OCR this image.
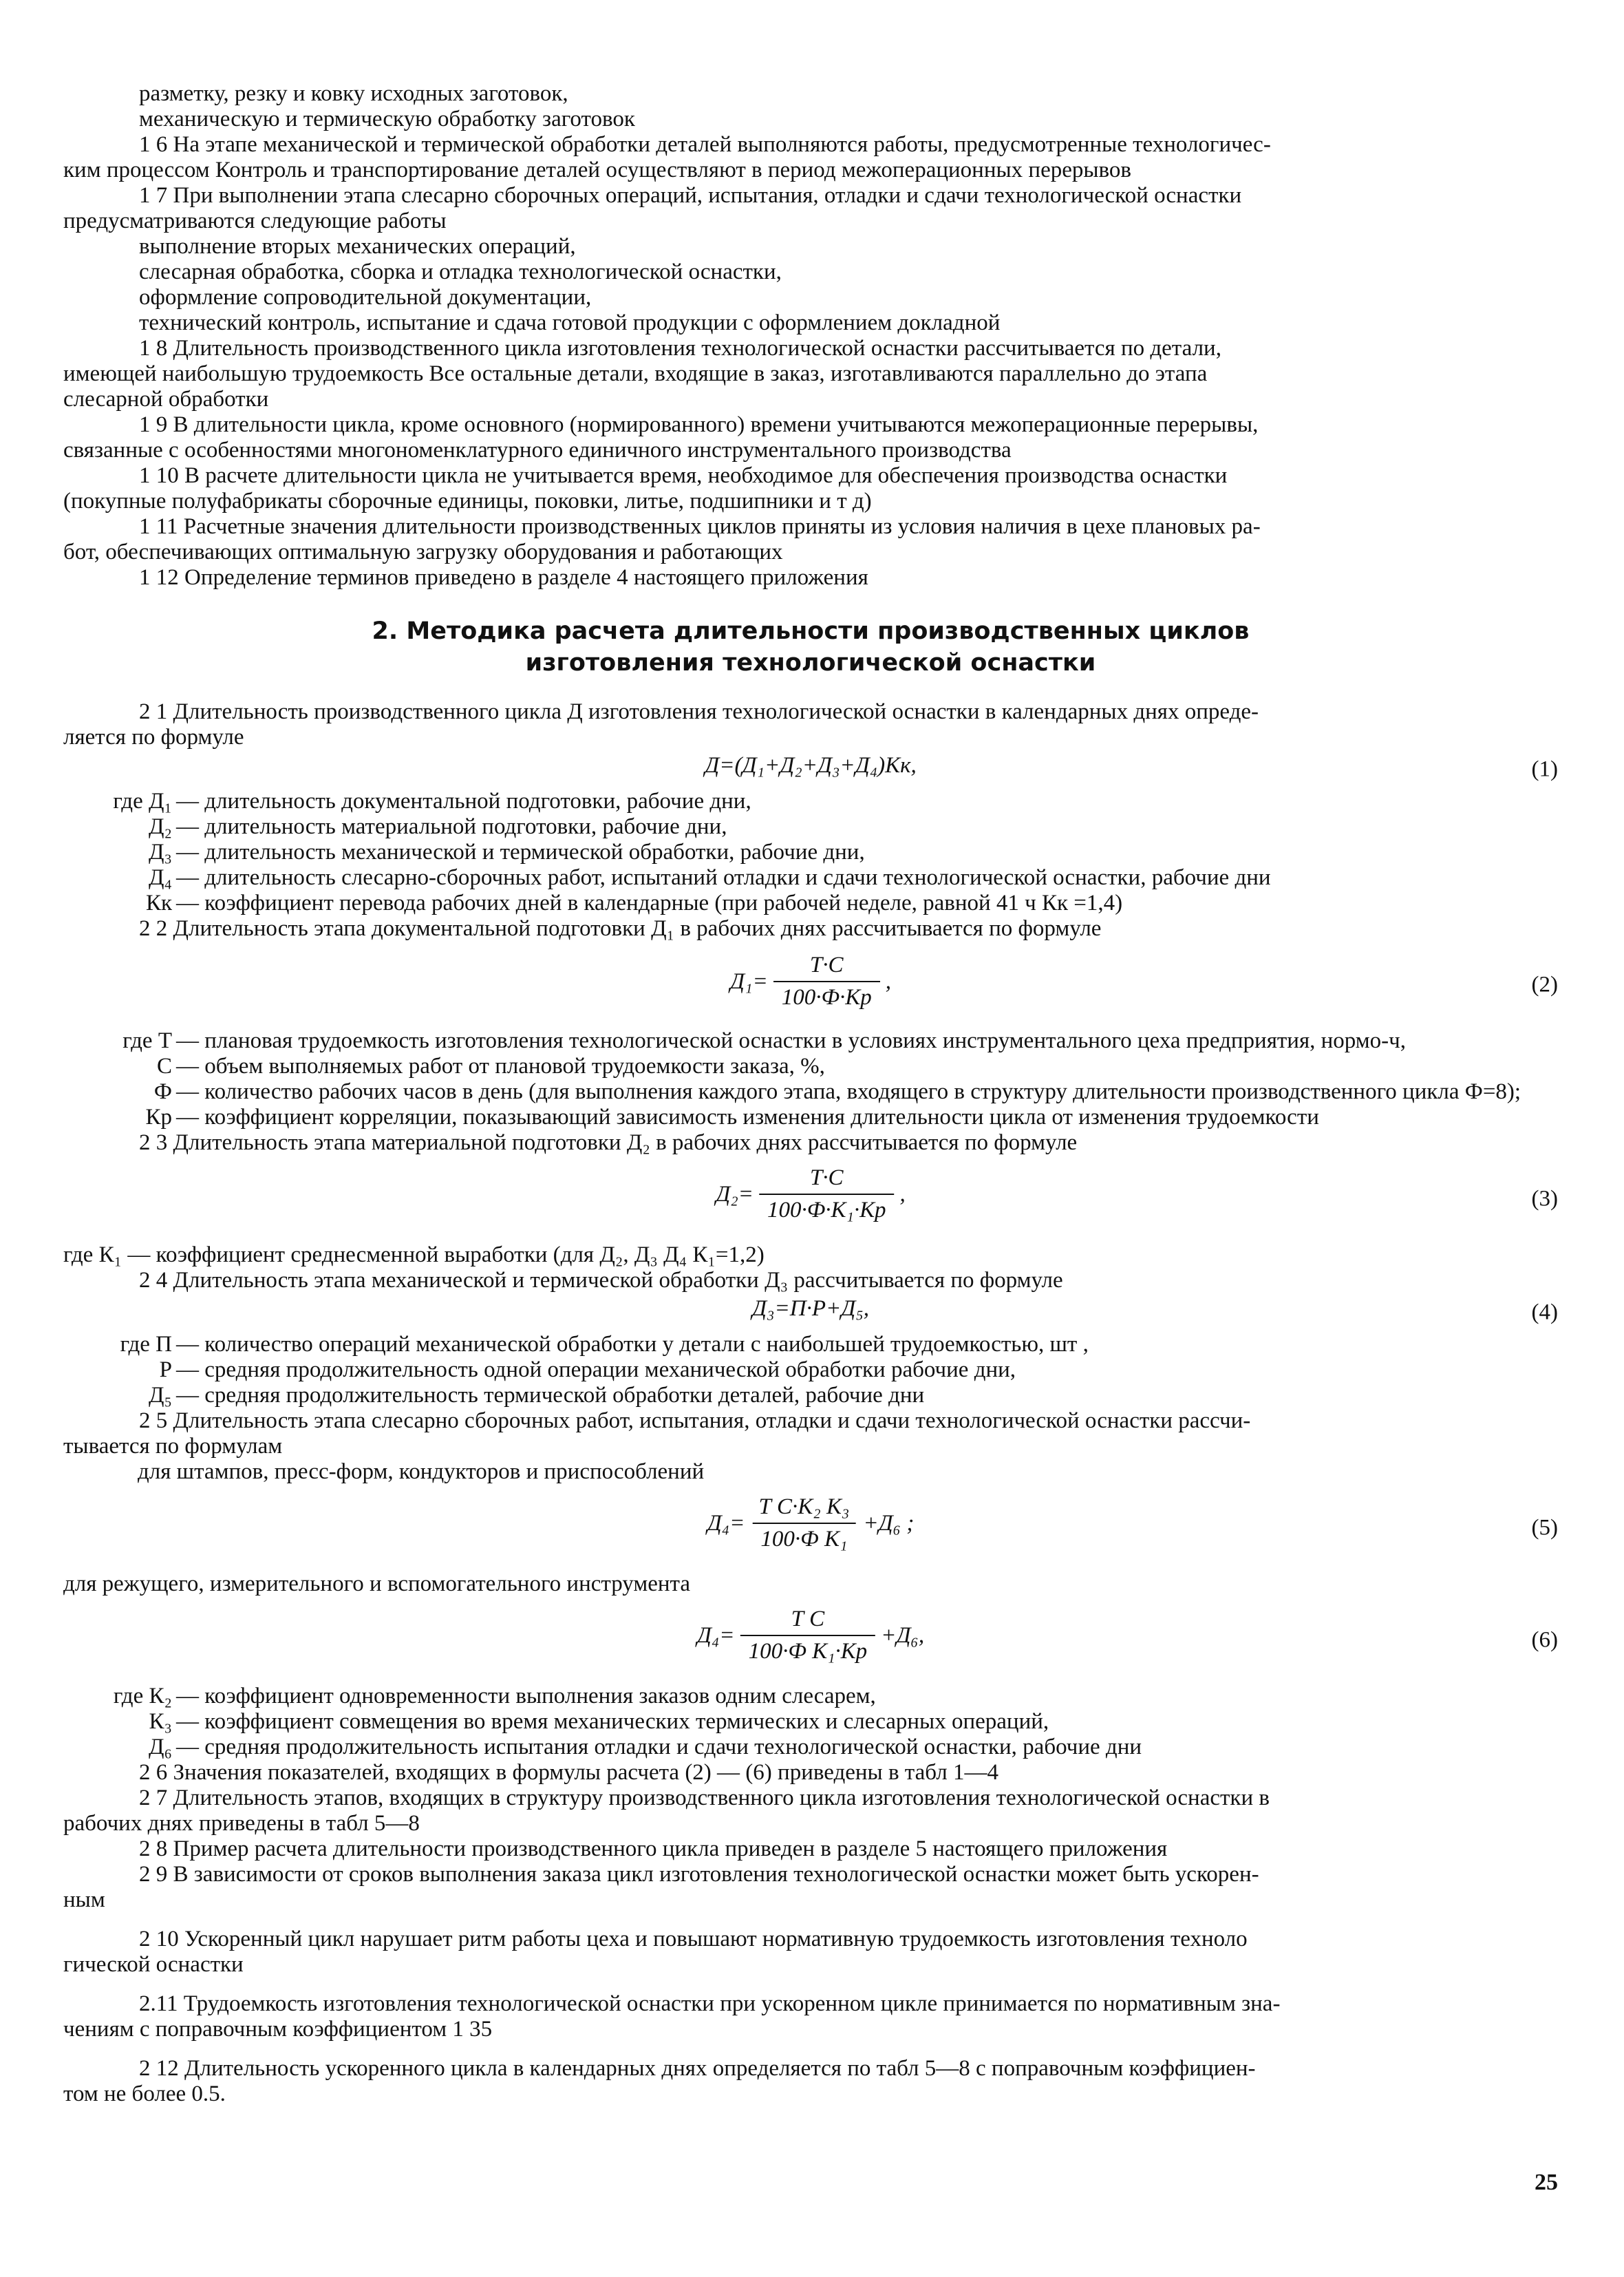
разметку, резку и ковку исходных заготовок,
механическую и термическую обработку заготовок
1 6 На этапе механической и термической обработки деталей выполняются работы, предусмотренные технологичес-
ким процессом Контроль и транспортирование деталей осуществляют в период межоперационных перерывов
1 7 При выполнении этапа слесарно сборочных операций, испытания, отладки и сдачи технологической оснастки
предусматриваются следующие работы
выполнение вторых механических операций,
слесарная обработка, сборка и отладка технологической оснастки,
оформление сопроводительной документации,
технический контроль, испытание и сдача готовой продукции с оформлением докладной
1 8 Длительность производственного цикла изготовления технологической оснастки рассчитывается по детали,
имеющей наибольшую трудоемкость Все остальные детали, входящие в заказ, изготавливаются параллельно до этапа
слесарной обработки
1 9 В длительности цикла, кроме основного (нормированного) времени учитываются межоперационные перерывы,
связанные с особенностями многономенклатурного единичного инструментального производства
1 10 В расчете длительности цикла не учитывается время, необходимое для обеспечения производства оснастки
(покупные полуфабрикаты сборочные единицы, поковки, литье, подшипники и т д)
1 11 Расчетные значения длительности производственных циклов приняты из условия наличия в цехе плановых ра-
бот, обеспечивающих оптимальную загрузку оборудования и работающих
1 12 Определение терминов приведено в разделе 4 настоящего приложения
2. Методика расчета длительности производственных циклов
изготовления технологической оснастки
2 1 Длительность производственного цикла Д изготовления технологической оснастки в календарных днях опреде-
ляется по формуле
Д=(Д₁+Д₂+Д₃+Д₄)Кк,	(1)
где Д₁ — длительность документальной подготовки, рабочие дни,
Д₂ — длительность материальной подготовки, рабочие дни,
Д₃ — длительность механической и термической обработки, рабочие дни,
Д₄ — длительность слесарно-сборочных работ, испытаний отладки и сдачи технологической оснастки, рабочие дни
Кк — коэффициент перевода рабочих дней в календарные (при рабочей неделе, равной 41 ч Кк =1,4)
2 2 Длительность этапа документальной подготовки Д₁ в рабочих днях рассчитывается по формуле
$Д_1= \frac{Т\cdot С}{100\cdot Ф\cdot Кр}$ ,	(2)
где Т — плановая трудоемкость изготовления технологической оснастки в условиях инструментального цеха предприятия, нормо-ч,
С — объем выполняемых работ от плановой трудоемкости заказа, %,
Ф — количество рабочих часов в день (для выполнения каждого этапа, входящего в структуру длительности производственного цикла Ф=8);
Кр — коэффициент корреляции, показывающий зависимость изменения длительности цикла от изменения трудоемкости
2 3 Длительность этапа материальной подготовки Д₂ в рабочих днях рассчитывается по формуле
$Д_2= \frac{Т\cdot С}{\text{100·Ф·К₁·Кр}}$ ,	(3)
где К₁ — коэффициент среднесменной выработки (для Д₂, Д₃ Д₄ К₁=1,2)
2 4 Длительность этапа механической и термической обработки Д₃ рассчитывается по формуле
Д₃=П·Р+Д₅,	(4)
где П — количество операций механической обработки у детали с наибольшей трудоемкостью, шт ,
Р — средняя продолжительность одной операции механической обработки рабочие дни,
Д₅ — средняя продолжительность термической обработки деталей, рабочие дни
2 5 Длительность этапа слесарно сборочных работ, испытания, отладки и сдачи технологической оснастки рассчи-
тывается по формулам
для штампов, пресс-форм, кондукторов и приспособлений
$Д_4= \frac{\text{Т С·К₂ К₃}}{\text{100·Ф К₁}} +Д_6$ ;	(5)
для режущего, измерительного и вспомогательного инструмента
$Д_4= \frac{\text{Т С}}{\text{100·Ф К₁·Кр}} +Д_6$,	(6)
где К₂ — коэффициент одновременности выполнения заказов одним слесарем,
К₃ — коэффициент совмещения во время механических термических и слесарных операций,
Д₆ — средняя продолжительность испытания отладки и сдачи технологической оснастки, рабочие дни
2 6 Значения показателей, входящих в формулы расчета (2) — (6) приведены в табл 1—4
2 7 Длительность этапов, входящих в структуру производственного цикла изготовления технологической оснастки в
рабочих днях приведены в табл 5—8
2 8 Пример расчета длительности производственного цикла приведен в разделе 5 настоящего приложения
2 9 В зависимости от сроков выполнения заказа цикл изготовления технологической оснастки может быть ускорен-
ным
2 10 Ускоренный цикл нарушает ритм работы цеха и повышают нормативную трудоемкость изготовления техноло
гической оснастки
2.11 Трудоемкость изготовления технологической оснастки при ускоренном цикле принимается по нормативным зна-
чениям с поправочным коэффициентом 1 35
2 12 Длительность ускоренного цикла в календарных днях определяется по табл 5—8 с поправочным коэффициен-
том не более 0.5.
25
